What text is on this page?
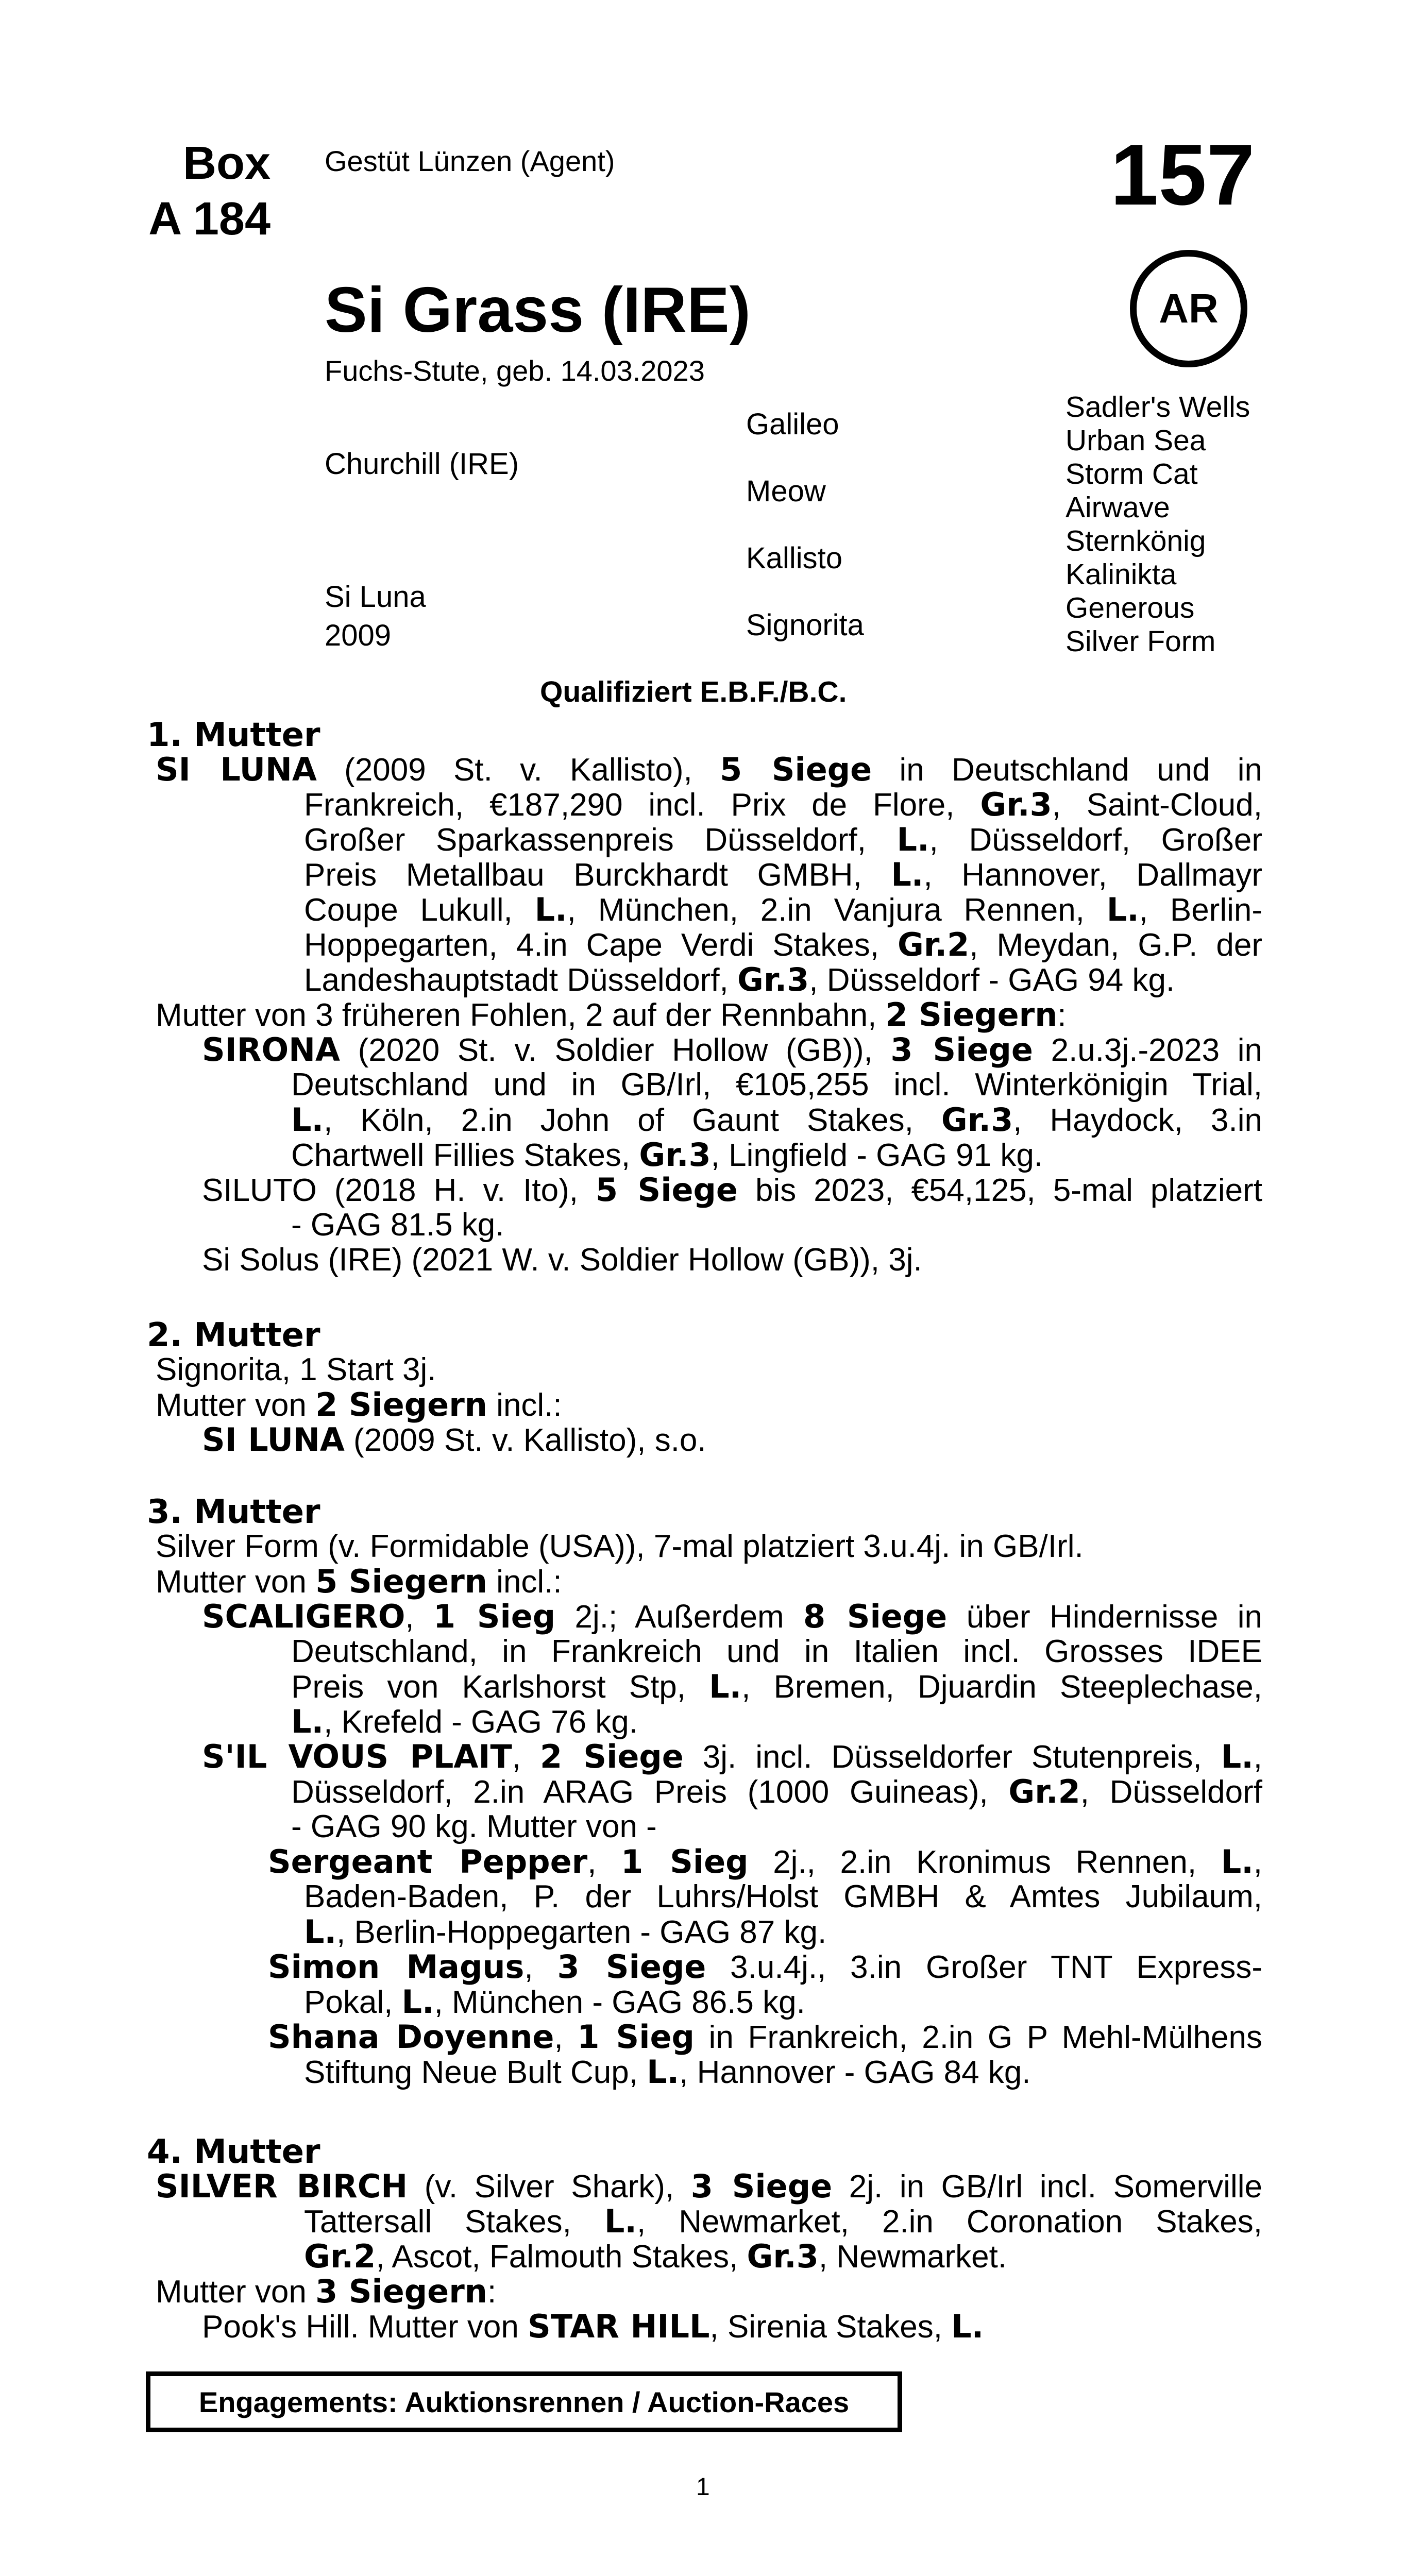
Box
A 184
Gestüt Lünzen (Agent)	157
AR
Si Grass (IRE)
Fuchs-Stute, geb. 14.03.2023
Churchill (IRE)
Si Luna
2009
Galileo
Meow
Kallisto
Signorita
Sadler's Wells
Urban Sea
Storm Cat
Airwave
Sternkönig
Kalinikta
Generous
Silver Form
Qualifiziert E.B.F./B.C.
1. Mutter
SI LUNA (2009 St. v. Kallisto), 5 Siege in Deutschland und in
Frankreich, €187,290 incl. Prix de Flore, Gr.3, Saint-Cloud,
Großer Sparkassenpreis Düsseldorf, L., Düsseldorf, Großer
Preis Metallbau Burckhardt GMBH, L., Hannover, Dallmayr
Coupe Lukull, L., München, 2.in Vanjura Rennen, L., Berlin-
Hoppegarten, 4.in Cape Verdi Stakes, Gr.2, Meydan, G.P. der
Landeshauptstadt Düsseldorf, Gr.3, Düsseldorf - GAG 94 kg.
Mutter von 3 früheren Fohlen, 2 auf der Rennbahn, 2 Siegern:
SIRONA (2020 St. v. Soldier Hollow (GB)), 3 Siege 2.u.3j.-2023 in
Deutschland und in GB/Irl, €105,255 incl. Winterkönigin Trial,
L., Köln, 2.in John of Gaunt Stakes, Gr.3, Haydock, 3.in
Chartwell Fillies Stakes, Gr.3, Lingfield - GAG 91 kg.
SILUTO (2018 H. v. Ito), 5 Siege bis 2023, €54,125, 5-mal platziert
- GAG 81.5 kg.
Si Solus (IRE) (2021 W. v. Soldier Hollow (GB)), 3j.
2. Mutter
Signorita, 1 Start 3j.
Mutter von 2 Siegern incl.:
SI LUNA (2009 St. v. Kallisto), s.o.
3. Mutter
Silver Form (v. Formidable (USA)), 7-mal platziert 3.u.4j. in GB/Irl.
Mutter von 5 Siegern incl.:
SCALIGERO, 1 Sieg 2j.; Außerdem 8 Siege über Hindernisse in
Deutschland, in Frankreich und in Italien incl. Grosses IDEE
Preis von Karlshorst Stp, L., Bremen, Djuardin Steeplechase,
L., Krefeld - GAG 76 kg.
S'IL VOUS PLAIT, 2 Siege 3j. incl. Düsseldorfer Stutenpreis, L.,
Düsseldorf, 2.in ARAG Preis (1000 Guineas), Gr.2, Düsseldorf
- GAG 90 kg. Mutter von -
Sergeant Pepper, 1 Sieg 2j., 2.in Kronimus Rennen, L.,
Baden-Baden, P. der Luhrs/Holst GMBH & Amtes Jubilaum,
L., Berlin-Hoppegarten - GAG 87 kg.
Simon Magus, 3 Siege 3.u.4j., 3.in Großer TNT Express-
Pokal, L., München - GAG 86.5 kg.
Shana Doyenne, 1 Sieg in Frankreich, 2.in G P Mehl-Mülhens
Stiftung Neue Bult Cup, L., Hannover - GAG 84 kg.
4. Mutter
SILVER BIRCH (v. Silver Shark), 3 Siege 2j. in GB/Irl incl. Somerville
Tattersall Stakes, L., Newmarket, 2.in Coronation Stakes,
Gr.2, Ascot, Falmouth Stakes, Gr.3, Newmarket.
Mutter von 3 Siegern:
Pook's Hill. Mutter von STAR HILL, Sirenia Stakes, L.
Engagements: Auktionsrennen / Auction-Races
1
